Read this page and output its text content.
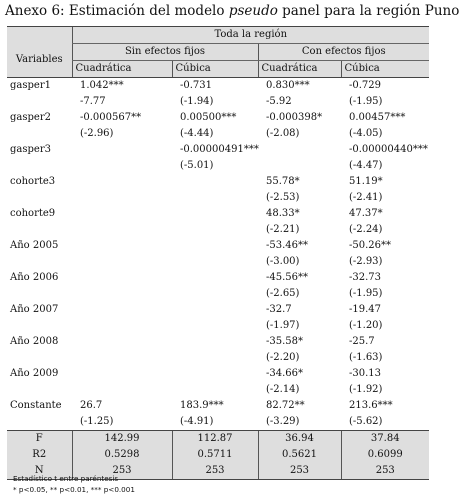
Anexo 6: Estimación del modelo pseudo panel para la región Puno
	Toda la región			
Variables	Sin efectos fijos		Con efectos fijos	
	Cuadrática	Cúbica	Cuadrática	Cúbica
gasper1	1.042***	-0.731	0.830***	-0.729
	-7.77	(-1.94)	-5.92	(-1.95)
gasper2	-0.000567**	0.00500***	-0.000398*	0.00457***
	(-2.96)	(-4.44)	(-2.08)	(-4.05)
gasper3		-0.00000491***		-0.00000440***
		(-5.01)		(-4.47)
cohorte3			55.78*	51.19*
			(-2.53)	(-2.41)
cohorte9			48.33*	47.37*
			(-2.21)	(-2.24)
Año 2005			-53.46**	-50.26**
			(-3.00)	(-2.93)
Año 2006			-45.56**	-32.73
			(-2.65)	(-1.95)
Año 2007			-32.7	-19.47
			(-1.97)	(-1.20)
Año 2008			-35.58*	-25.7
			(-2.20)	(-1.63)
Año 2009			-34.66*	-30.13
			(-2.14)	(-1.92)
Constante	26.7	183.9***	82.72**	213.6***
	(-1.25)	(-4.91)	(-3.29)	(-5.62)
F	142.99	112.87	36.94	37.84
R2	0.5298	0.5711	0.5621	0.6099
N	253	253	253	253
Estadístico t entre paréntesis
* p<0.05, ** p<0.01, *** p<0.001
